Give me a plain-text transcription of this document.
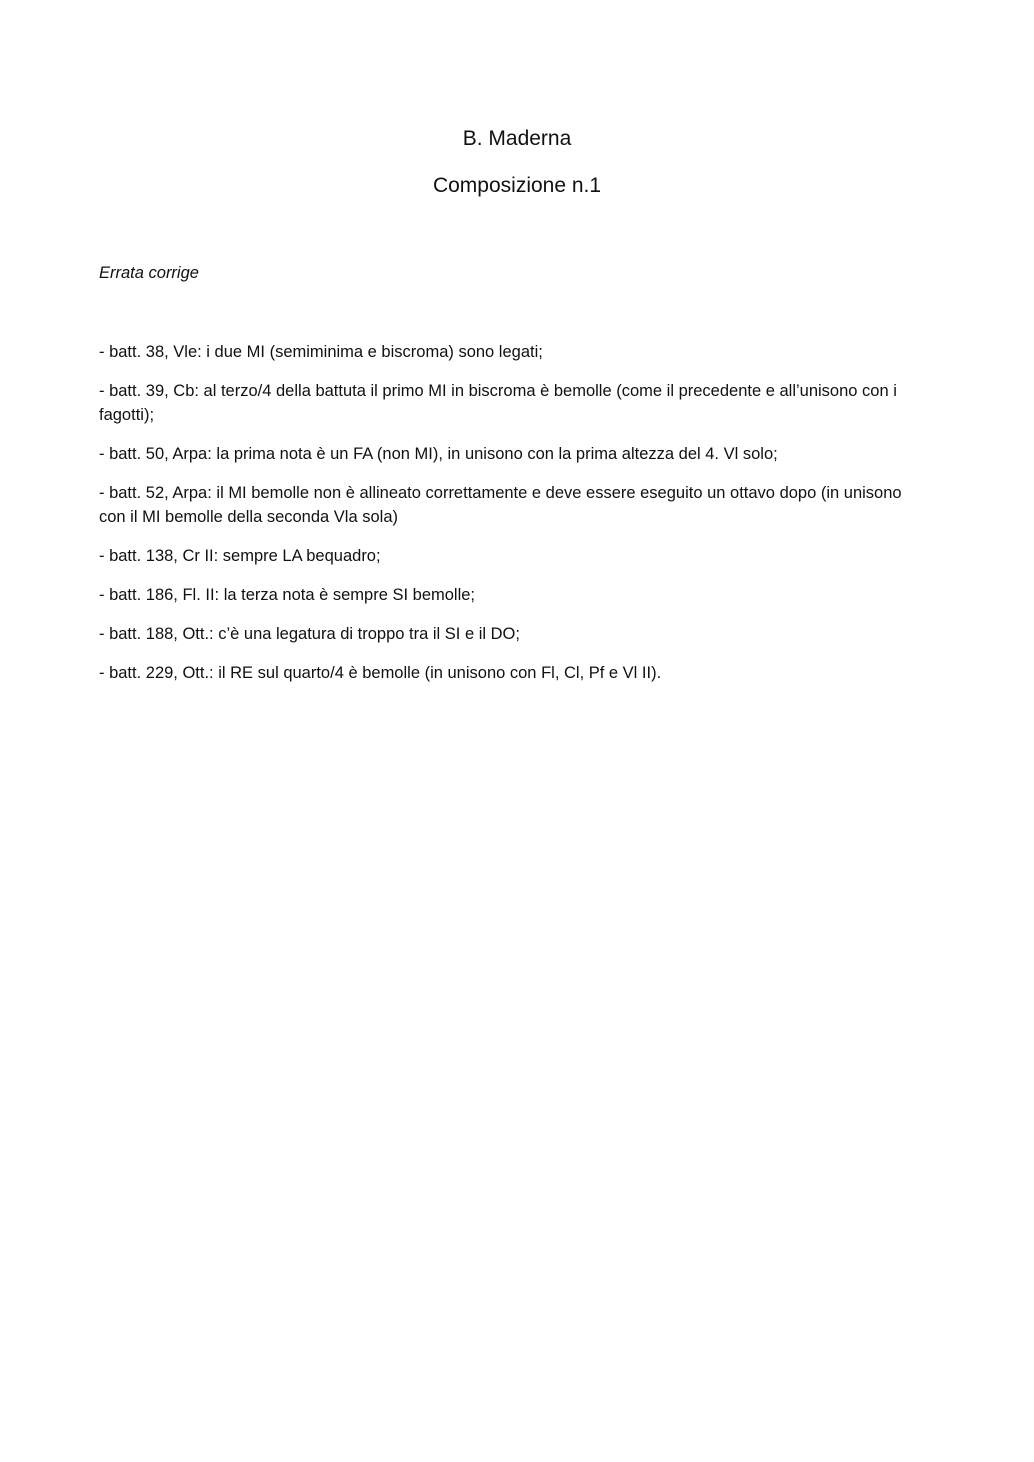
B. Maderna
Composizione n.1
Errata corrige
- batt. 38, Vle: i due MI (semiminima e biscroma) sono legati;
- batt. 39, Cb: al terzo/4 della battuta il primo MI in biscroma è bemolle (come il precedente e all’unisono con i fagotti);
- batt. 50, Arpa: la prima nota è un FA (non MI), in unisono con la prima altezza del 4. Vl solo;
- batt. 52, Arpa: il MI bemolle non è allineato correttamente e deve essere eseguito un ottavo dopo (in unisono con il MI bemolle della seconda Vla sola)
- batt. 138, Cr II: sempre LA bequadro;
- batt. 186, Fl. II: la terza nota è sempre SI bemolle;
- batt. 188, Ott.: c’è una legatura di troppo tra il SI e il DO;
- batt. 229, Ott.: il RE sul quarto/4 è bemolle (in unisono con Fl, Cl, Pf e Vl II).
